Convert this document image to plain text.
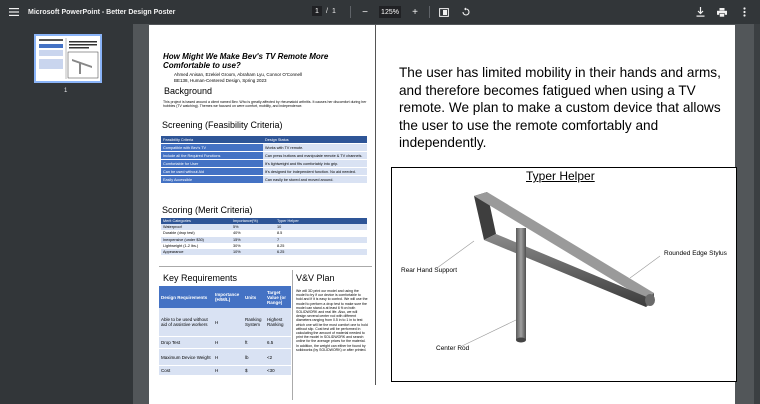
Microsoft PowerPoint - Better Design Poster	1	/ 1	−	125%	+
1
How Might We Make Bev's TV Remote More Comfortable to use?
Ahmed Anisan, Ezekiel Groom, Abraham Lyu, Connor O'Connell
BE138, Human-Centered Design, Spring 2023
Background
This project is based around a client named Bev. Who is greatly affected by rheumatoid arthritis. It causes her discomfort during her hobbies (TV watching). Themes we focused on were comfort, mobility, and independence.
Screening (Feasibility Criteria)
Feasibility Criteria	Design Status
Compatible with Bev's TV	Works with TV remote.
Include all the Required Functions	Can press buttons and manipulate remote & TV channels.
Comfortable for User	It's lightweight and fits comfortably into grip.
Can be used without Aid	It's designed for independent function. No aid needed.
Easily Accessible	Can easily be stored and moved around.
Scoring (Merit Criteria)
Merit Categories	Importance(%)	Typer Helper
Waterproof	5%	10
Durable (drop test)	40%	8.5
Inexpensive (under $30)	15%	7
Lightweight (1-2 lbs.)	30%	8.25
Appearance	10%	6.25
Key Requirements
Design Requirements	Importance (H/M/L)	Units	Target Value (or Range)
Able to be used without aid of assistive workers	H	Ranking System	Highest Ranking
Drop Test	H	ft	6.5
Maximum Device Weight	H	lb	<2
Cost	H	$	<30
V&V Plan
We will 3D print our model and using the model to try if our device is comfortable to hold and if it is easy to control. We will use the model to perform a drop test to make sure the model can stand a at least 6 ft on both SOLIDWORK and real life. Also, we will design several center rod with different diameters ranging from 0.5 in to 1 in to test which one will be the most comfort one to hold without slip. Cost test will be performed in calculating the amount of material needed to print the model in SOLIDWORK and search online for the average prices for the material. In addition, the weight can either be found by solidworks (by SOLIDWORK) or after printed.
The user has limited mobility in their hands and arms, and therefore becomes fatigued when using a TV remote. We plan to make a custom device that allows the user to use the remote comfortably and independently.
Typer Helper
Rear Hand Support
Rounded Edge Stylus
Center Rod
